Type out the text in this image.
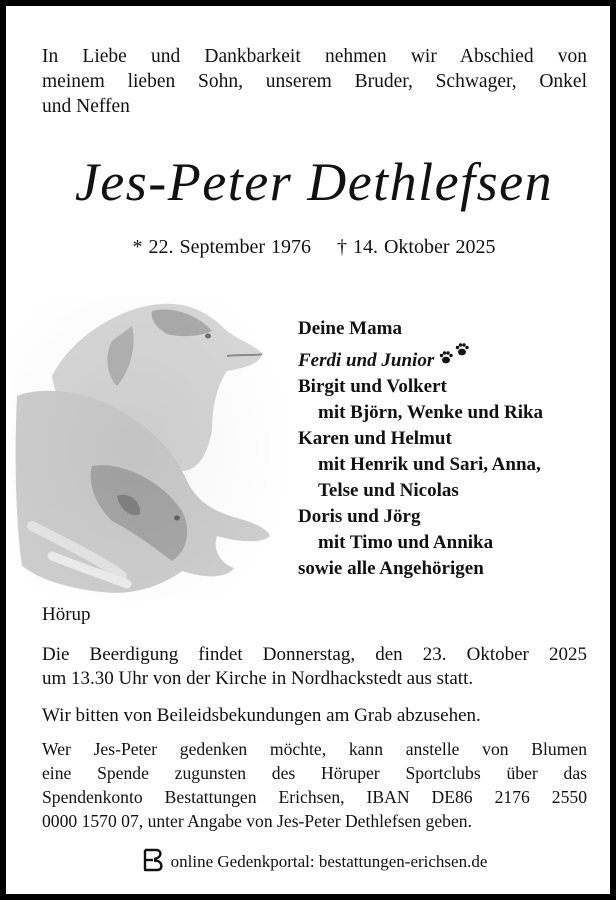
In Liebe und Dankbarkeit nehmen wir Abschied von
meinem lieben Sohn, unserem Bruder, Schwager, Onkel
und Neffen
Jes-Peter Dethlefsen
* 22. September 1976 † 14. Oktober 2025
Deine Mama
Ferdi und Junior
Birgit und Volkert
mit Björn, Wenke und Rika
Karen und Helmut
mit Henrik und Sari, Anna,
Telse und Nicolas
Doris und Jörg
mit Timo und Annika
sowie alle Angehörigen
Hörup
Die Beerdigung findet Donnerstag, den 23. Oktober 2025
um 13.30 Uhr von der Kirche in Nordhackstedt aus statt.
Wir bitten von Beileidsbekundungen am Grab abzusehen.
Wer Jes-Peter gedenken möchte, kann anstelle von Blumen
eine Spende zugunsten des Höruper Sportclubs über das
Spendenkonto Bestattungen Erichsen, IBAN DE86 2176 2550
0000 1570 07, unter Angabe von Jes-Peter Dethlefsen geben.
online Gedenkportal: bestattungen-erichsen.de
